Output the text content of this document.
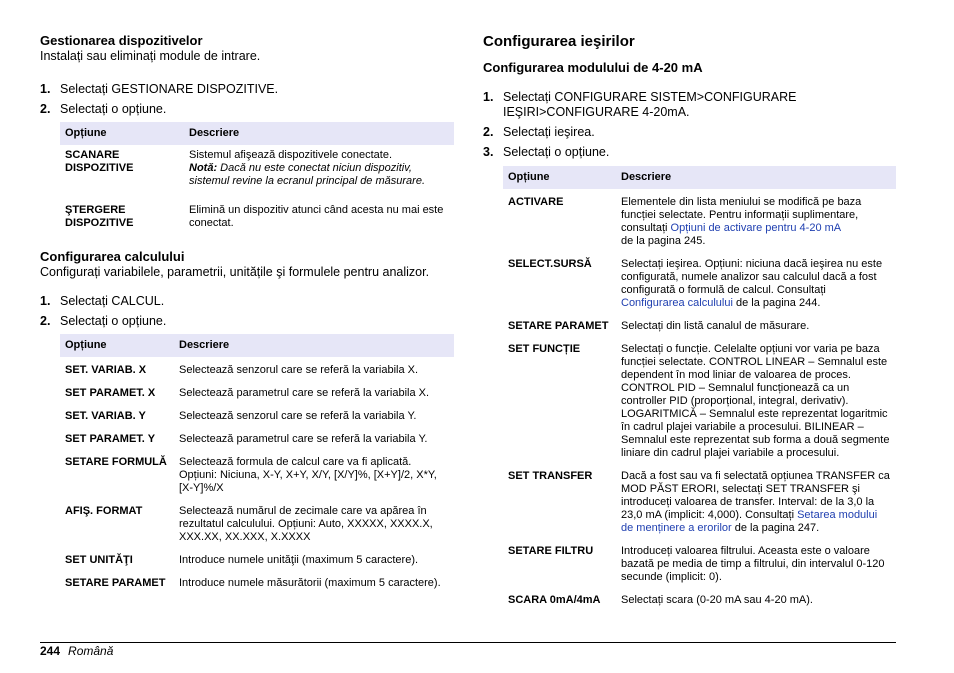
Gestionarea dispozitivelor

Instalați sau eliminați module de intrare.

1. Selectați GESTIONARE DISPOZITIVE.
2. Selectați o opțiune.
Opțiune	Descriere
SCANARE
DISPOZITIVE	Sistemul afişează dispozitivele conectate.
Notă: Dacă nu este conectat niciun dispozitiv, sistemul revine la ecranul principal de măsurare.
ŞTERGERE
DISPOZITIVE	Elimină un dispozitiv atunci când acesta nu mai este conectat.
Configurarea calculului

Configurați variabilele, parametrii, unitățile şi formulele pentru analizor.

1. Selectați CALCUL.
2. Selectați o opțiune.
Opțiune	Descriere
SET. VARIAB. X	Selectează senzorul care se referă la variabila X.
SET PARAMET. X	Selectează parametrul care se referă la variabila X.
SET. VARIAB. Y	Selectează senzorul care se referă la variabila Y.
SET PARAMET. Y	Selectează parametrul care se referă la variabila Y.
SETARE FORMULĂ	Selectează formula de calcul care va fi aplicată. Opțiuni: Niciuna, X-Y, X+Y, X/Y, [X/Y]%, [X+Y]/2, X*Y, [X-Y]%/X
AFIŞ. FORMAT	Selectează numărul de zecimale care va apărea în rezultatul calculului. Opțiuni: Auto, XXXXX, XXXX.X, XXX.XX, XX.XXX, X.XXXX
SET UNITĂŢI	Introduce numele unităţii (maximum 5 caractere).
SETARE PARAMET	Introduce numele măsurătorii (maximum 5 caractere).
Configurarea ieşirilor
Configurarea modulului de 4-20 mA
1. Selectați CONFIGURARE SISTEM>CONFIGURARE IEŞIRI>CONFIGURARE 4-20mA.
2. Selectați ieşirea.
3. Selectați o opțiune.
Opțiune	Descriere
ACTIVARE	Elementele din lista meniului se modifică pe baza funcției selectate. Pentru informații suplimentare, consultați Opțiuni de activare pentru 4-20 mA
de la pagina 245.
SELECT.SURSĂ	Selectați ieşirea. Opțiuni: niciuna dacă ieşirea nu este configurată, numele analizor sau calculul dacă a fost configurată o formulă de calcul. Consultați
Configurarea calculului de la pagina 244.
SETARE PARAMET	Selectați din listă canalul de măsurare.
SET FUNCȚIE	Selectați o funcție. Celelalte opțiuni vor varia pe baza funcției selectate. CONTROL LINEAR – Semnalul este dependent în mod liniar de valoarea de proces. CONTROL PID – Semnalul funcționează ca un controller PID (proporțional, integral, derivativ). LOGARITMICĂ – Semnalul este reprezentat logaritmic în cadrul plajei variabile a procesului. BILINEAR – Semnalul este reprezentat sub forma a două segmente liniare din cadrul plajei variabile a procesului.
SET TRANSFER	Dacă a fost sau va fi selectată opțiunea TRANSFER ca MOD PĂST ERORI, selectați SET TRANSFER şi introduceți valoarea de transfer. Interval: de la 3,0 la 23,0 mA (implicit: 4,000). Consultați Setarea modului de menținere a erorilor de la pagina 247.
SETARE FILTRU	Introduceți valoarea filtrului. Aceasta este o valoare bazată pe media de timp a filtrului, din intervalul 0-120 secunde (implicit: 0).
SCARA 0mA/4mA	Selectați scara (0-20 mA sau 4-20 mA).
244 Română
